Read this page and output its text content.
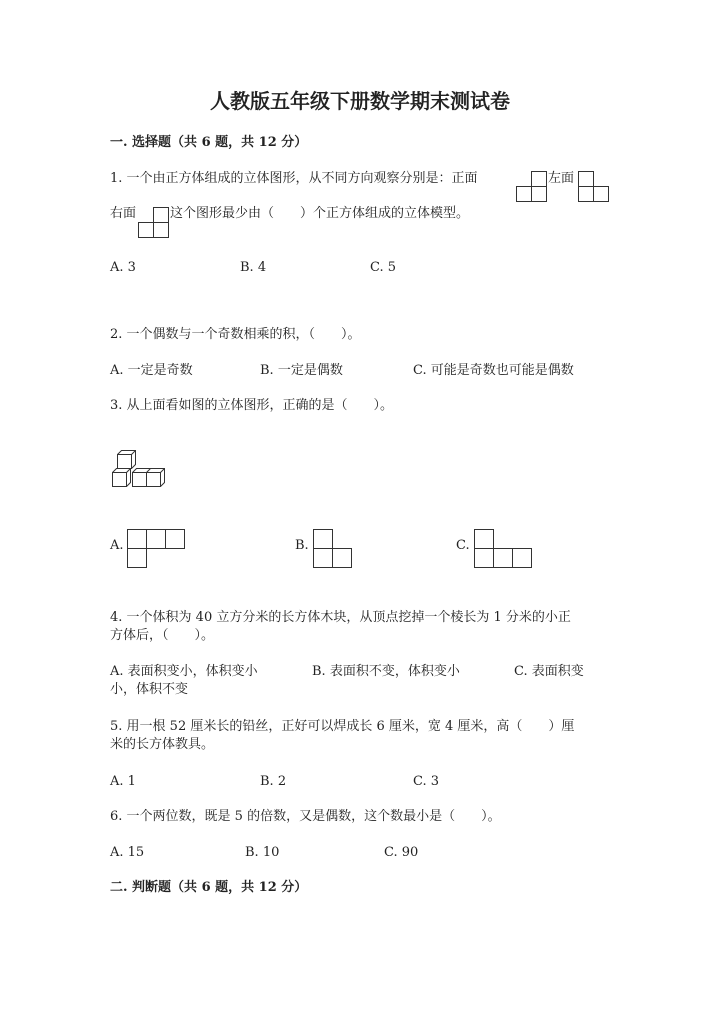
人教版五年级下册数学期末测试卷
一. 选择题（共 6 题，共 12 分）
1. 一个由正方体组成的立体图形，从不同方向观察分别是：正面	左面
右面	这个图形最少由（　　）个正方体组成的立体模型。
A. 3	B. 4	C. 5
2. 一个偶数与一个奇数相乘的积，（　　）。
A. 一定是奇数	B. 一定是偶数	C. 可能是奇数也可能是偶数
3. 从上面看如图的立体图形，正确的是（　　）。
A.	B.	C.
4. 一个体积为 40 立方分米的长方体木块，从顶点挖掉一个棱长为 1 分米的小正
方体后，（　　）。
A. 表面积变小，体积变小	B. 表面积不变，体积变小	C. 表面积变
小，体积不变
5. 用一根 52 厘米长的铅丝，正好可以焊成长 6 厘米，宽 4 厘米，高（　　）厘
米的长方体教具。
A. 1	B. 2	C. 3
6. 一个两位数，既是 5 的倍数，又是偶数，这个数最小是（　　）。
A. 15	B. 10	C. 90
二. 判断题（共 6 题，共 12 分）
